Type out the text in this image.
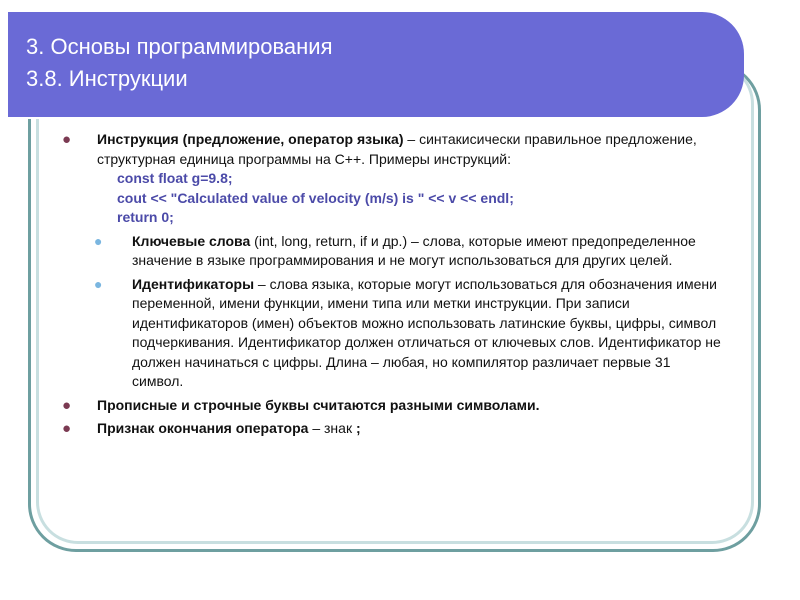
3. Основы программирования
3.8. Инструкции
● Инструкция (предложение, оператор языка) – синтакисически правильное предложение, структурная единица программы на С++. Примеры инструкций:
const float g=9.8;
cout << "Calculated value of velocity (m/s) is " << v << endl;
return 0;
● Ключевые слова (int, long, return, if и др.) – слова, которые имеют предопределенное значение в языке программирования и не могут использоваться для других целей.
● Идентификаторы – слова языка, которые могут использоваться для обозначения имени переменной, имени функции, имени типа или метки инструкции. При записи идентификаторов (имен) объектов можно использовать латинские буквы, цифры, символ подчеркивания. Идентификатор должен отличаться от ключевых слов. Идентификатор не должен начинаться с цифры. Длина – любая, но компилятор различает первые 31 символ.
● Прописные и строчные буквы считаются разными символами.
● Признак окончания оператора – знак ;
